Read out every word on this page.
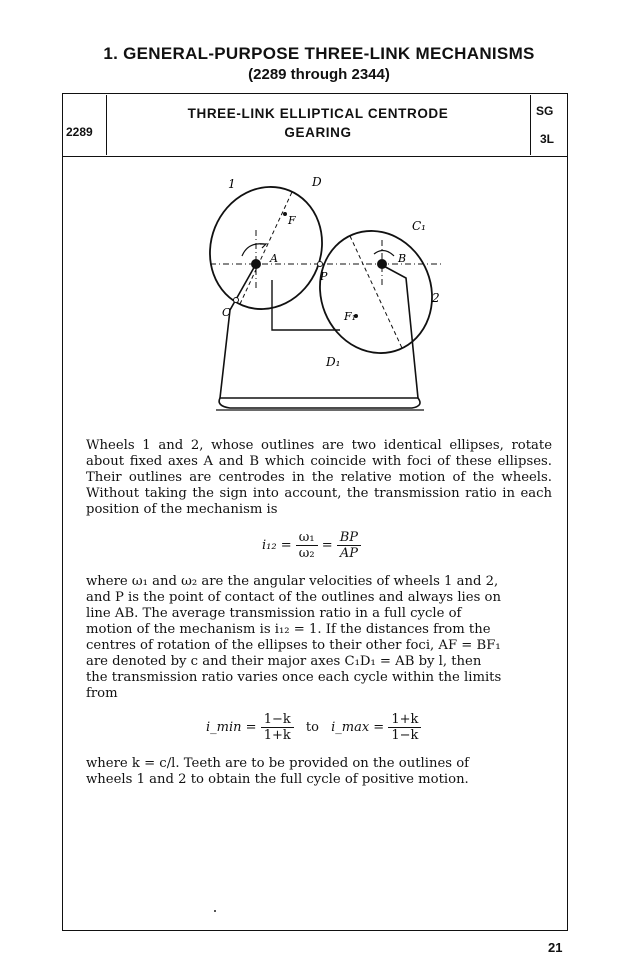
1. GENERAL-PURPOSE THREE-LINK MECHANISMS
(2289 through 2344)
2289
THREE-LINK ELLIPTICAL CENTRODE
GEARING
SG
3L
1	D
F	C₁
A	B
P
C	F₁
2
D₁
Wheels 1 and 2, whose outlines are two identical ellipses, rotate about fixed axes A and B which coincide with foci of these ellipses. Their outlines are centrodes in the relative motion of the wheels. Without taking the sign into account, the transmission ratio in each position of the mechanism is
$i_{12} = \frac{\text{ω₁}}{\text{ω₂}} = \frac{BP}{AP}$
where ω₁ and ω₂ are the angular velocities of wheels 1 and 2,
and P is the point of contact of the outlines and always lies on
line AB. The average transmission ratio in a full cycle of
motion of the mechanism is i₁₂ = 1. If the distances from the
centres of rotation of the ellipses to their other foci, AF = BF₁
are denoted by c and their major axes C₁D₁ = AB by l, then
the transmission ratio varies once each cycle within the limits
from
i_min = $\frac{1-k}{1+k}$ to i_max = $\frac{1+k}{1-k}$
where k = c/l. Teeth are to be provided on the outlines of
wheels 1 and 2 to obtain the full cycle of positive motion.
21
